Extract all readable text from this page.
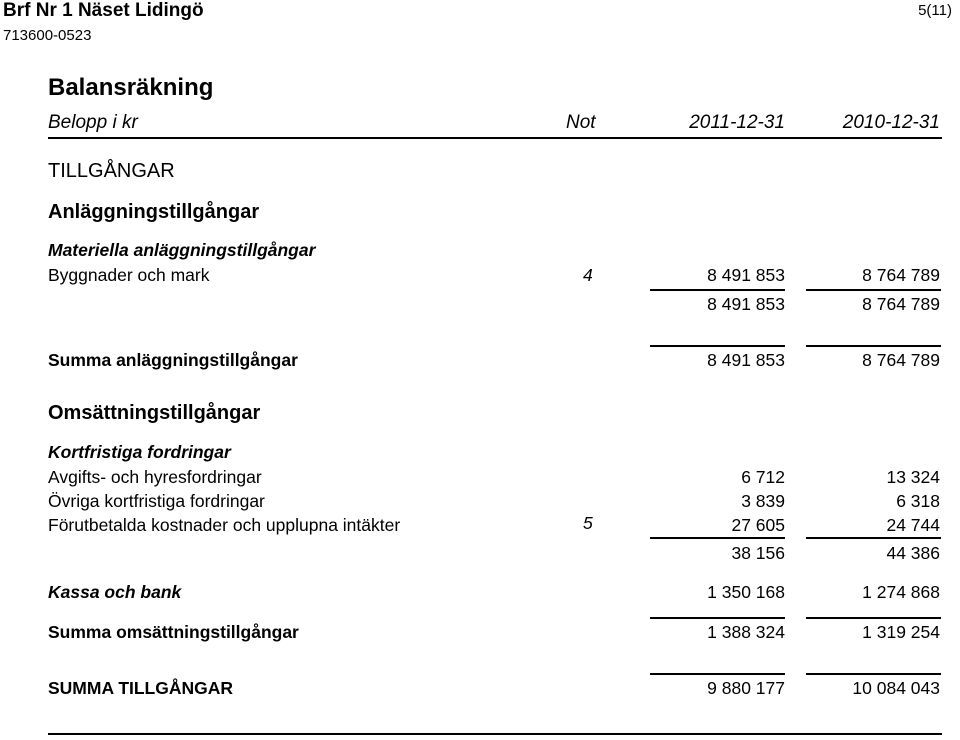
Brf Nr 1 Näset Lidingö
713600-0523
5(11)
Balansräkning
Belopp i kr	Not	2011-12-31	2010-12-31
TILLGÅNGAR
Anläggningstillgångar
Materiella anläggningstillgångar
Byggnader och mark	4	8 491 853	8 764 789
8 491 853	8 764 789
Summa anläggningstillgångar	8 491 853	8 764 789
Omsättningstillgångar
Kortfristiga fordringar
Avgifts- och hyresfordringar	6 712	13 324
Övriga kortfristiga fordringar	3 839	6 318
Förutbetalda kostnader och upplupna intäkter	5	27 605	24 744
38 156	44 386
Kassa och bank	1 350 168	1 274 868
Summa omsättningstillgångar	1 388 324	1 319 254
SUMMA TILLGÅNGAR	9 880 177	10 084 043
